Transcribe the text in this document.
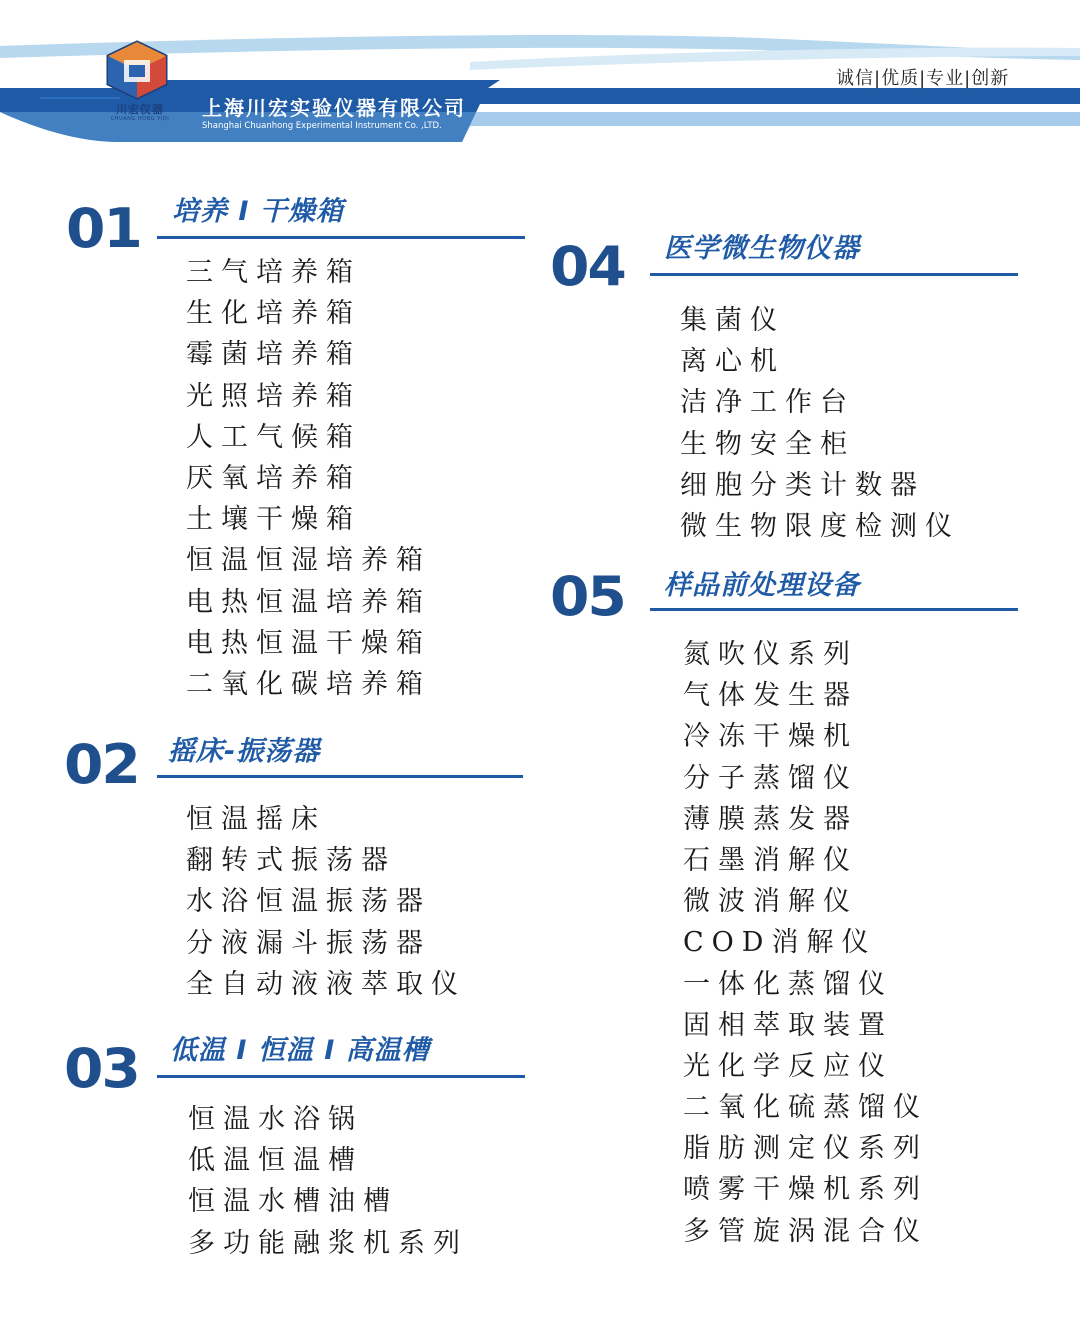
川宏仪器
CHUANG HONG YIQI	上海川宏实验仪器有限公司
Shanghai Chuanhong Experimental Instrument Co. ,LTD.
诚信|优质|专业|创新
01 培养 I 干燥箱
三气培养箱
生化培养箱
霉菌培养箱
光照培养箱
人工气候箱
厌氧培养箱
土壤干燥箱
恒温恒湿培养箱
电热恒温培养箱
电热恒温干燥箱
二氧化碳培养箱
02 摇床-振荡器
恒温摇床
翻转式振荡器
水浴恒温振荡器
分液漏斗振荡器
全自动液液萃取仪
03 低温 I 恒温 I 高温槽
恒温水浴锅
低温恒温槽
恒温水槽油槽
多功能融浆机系列
04 医学微生物仪器
集菌仪
离心机
洁净工作台
生物安全柜
细胞分类计数器
微生物限度检测仪
05 样品前处理设备
氮吹仪系列
气体发生器
冷冻干燥机
分子蒸馏仪
薄膜蒸发器
石墨消解仪
微波消解仪
COD消解仪
一体化蒸馏仪
固相萃取装置
光化学反应仪
二氧化硫蒸馏仪
脂肪测定仪系列
喷雾干燥机系列
多管旋涡混合仪
